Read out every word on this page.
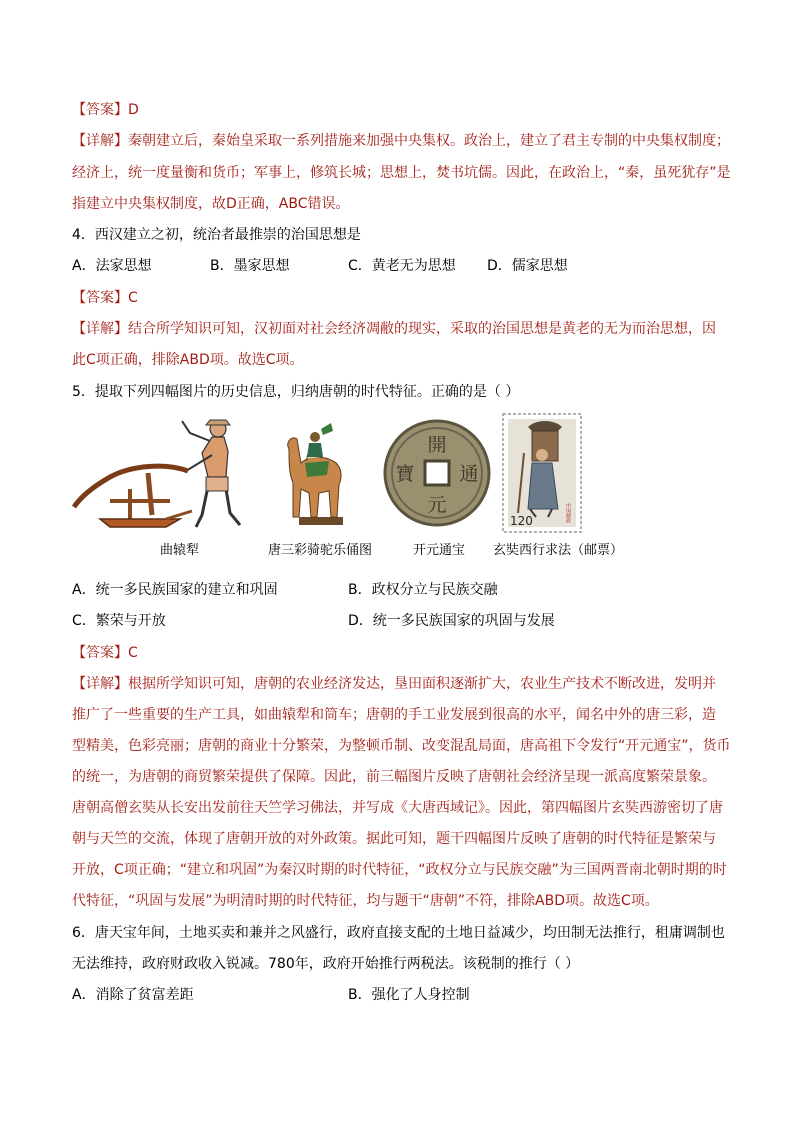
【答案】D
【详解】秦朝建立后，秦始皇采取一系列措施来加强中央集权。政治上，建立了君主专制的中央集权制度；
经济上，统一度量衡和货币；军事上，修筑长城；思想上，焚书坑儒。因此，在政治上，“秦，虽死犹存”是
指建立中央集权制度，故D正确，ABC错误。
4．西汉建立之初，统治者最推崇的治国思想是
A．法家思想	B．墨家思想	C．黄老无为思想 D．儒家思想
【答案】C
【详解】结合所学知识可知，汉初面对社会经济凋敝的现实，采取的治国思想是黄老的无为而治思想，因
此C项正确，排除ABD项。故选C项。
5．提取下列四幅图片的历史信息，归纳唐朝的时代特征。正确的是（ ）
開
元
通
寶
中国邮政
120
曲辕犁	唐三彩骑驼乐俑图	开元通宝 玄奘西行求法（邮票）
A．统一多民族国家的建立和巩固	B．政权分立与民族交融
C．繁荣与开放	D．统一多民族国家的巩固与发展
【答案】C
【详解】根据所学知识可知，唐朝的农业经济发达，垦田面积逐渐扩大，农业生产技术不断改进，发明并
推广了一些重要的生产工具，如曲辕犁和筒车；唐朝的手工业发展到很高的水平，闻名中外的唐三彩，造
型精美，色彩亮丽；唐朝的商业十分繁荣，为整顿币制、改变混乱局面，唐高祖下令发行“开元通宝”，货币
的统一，为唐朝的商贸繁荣提供了保障。因此，前三幅图片反映了唐朝社会经济呈现一派高度繁荣景象。
唐朝高僧玄奘从长安出发前往天竺学习佛法，并写成《大唐西域记》。因此，第四幅图片玄奘西游密切了唐
朝与天竺的交流，体现了唐朝开放的对外政策。据此可知，题干四幅图片反映了唐朝的时代特征是繁荣与
开放，C项正确；“建立和巩固”为秦汉时期的时代特征，“政权分立与民族交融”为三国两晋南北朝时期的时
代特征，“巩固与发展”为明清时期的时代特征，均与题干“唐朝”不符，排除ABD项。故选C项。
6．唐天宝年间，土地买卖和兼并之风盛行，政府直接支配的土地日益减少，均田制无法推行，租庸调制也
无法维持，政府财政收入锐减。780年，政府开始推行两税法。该税制的推行（ ）
A．消除了贫富差距	B．强化了人身控制
